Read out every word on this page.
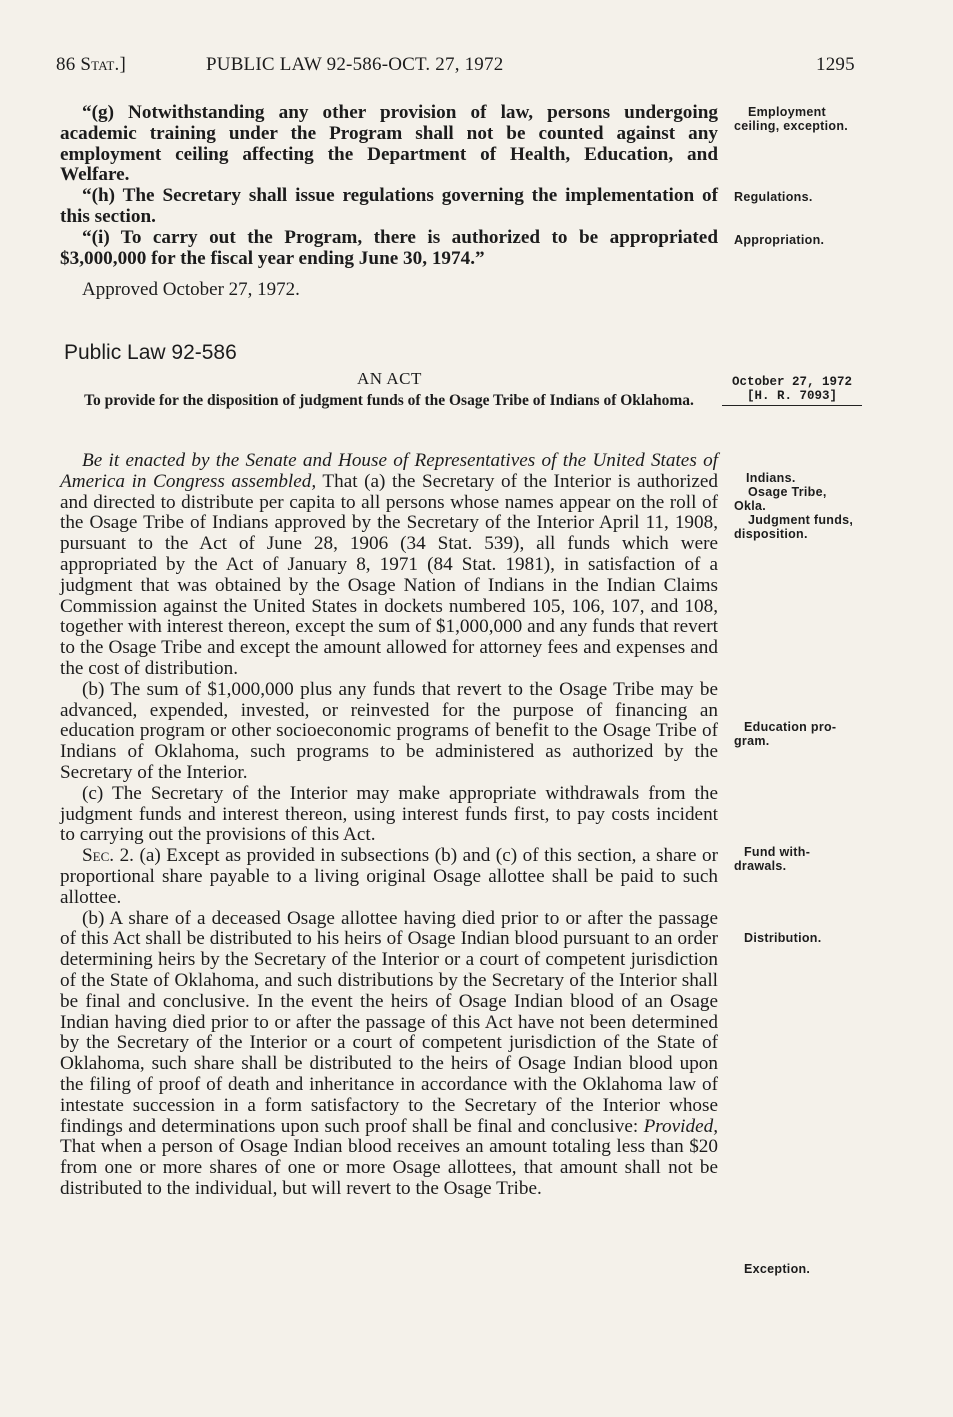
86 Stat.]	PUBLIC LAW 92-586-OCT. 27, 1972	1295

“(g) Notwithstanding any other provision of law, persons undergoing academic training under the Program shall not be counted against any employment ceiling affecting the Department of Health, Education, and Welfare.

“(h) The Secretary shall issue regulations governing the implementation of this section.

“(i) To carry out the Program, there is authorized to be appropriated $3,000,000 for the fiscal year ending June 30, 1974.”

Approved October 27, 1972.
Public Law 92-586
AN ACT
To provide for the disposition of judgment funds of the Osage Tribe of Indians of Oklahoma.
October 27, 1972
[H. R. 7093]

Be it enacted by the Senate and House of Representatives of the United States of America in Congress assembled, That (a) the Secretary of the Interior is authorized and directed to distribute per capita to all persons whose names appear on the roll of the Osage Tribe of Indians approved by the Secretary of the Interior April 11, 1908, pursuant to the Act of June 28, 1906 (34 Stat. 539), all funds which were appropriated by the Act of January 8, 1971 (84 Stat. 1981), in satisfaction of a judgment that was obtained by the Osage Nation of Indians in the Indian Claims Commission against the United States in dockets numbered 105, 106, 107, and 108, together with interest thereon, except the sum of $1,000,000 and any funds that revert to the Osage Tribe and except the amount allowed for attorney fees and expenses and the cost of distribution.

(b) The sum of $1,000,000 plus any funds that revert to the Osage Tribe may be advanced, expended, invested, or reinvested for the purpose of financing an education program or other socioeconomic programs of benefit to the Osage Tribe of Indians of Oklahoma, such programs to be administered as authorized by the Secretary of the Interior.

(c) The Secretary of the Interior may make appropriate withdrawals from the judgment funds and interest thereon, using interest funds first, to pay costs incident to carrying out the provisions of this Act.

Sec. 2. (a) Except as provided in subsections (b) and (c) of this section, a share or proportional share payable to a living original Osage allottee shall be paid to such allottee.

(b) A share of a deceased Osage allottee having died prior to or after the passage of this Act shall be distributed to his heirs of Osage Indian blood pursuant to an order determining heirs by the Secretary of the Interior or a court of competent jurisdiction of the State of Oklahoma, and such distributions by the Secretary of the Interior shall be final and conclusive. In the event the heirs of Osage Indian blood of an Osage Indian having died prior to or after the passage of this Act have not been determined by the Secretary of the Interior or a court of competent jurisdiction of the State of Oklahoma, such share shall be distributed to the heirs of Osage Indian blood upon the filing of proof of death and inheritance in accordance with the Oklahoma law of intestate succession in a form satisfactory to the Secretary of the Interior whose findings and determinations upon such proof shall be final and conclusive: Provided, That when a person of Osage Indian blood receives an amount totaling less than $20 from one or more shares of one or more Osage allottees, that amount shall not be distributed to the individual, but will revert to the Osage Tribe.

Employment
ceiling, exception.
Regulations.
Appropriation.
Indians.
Osage Tribe,
Okla.
Judgment funds,
disposition.
Education pro-
gram.
Fund with-
drawals.
Distribution.
Exception.
